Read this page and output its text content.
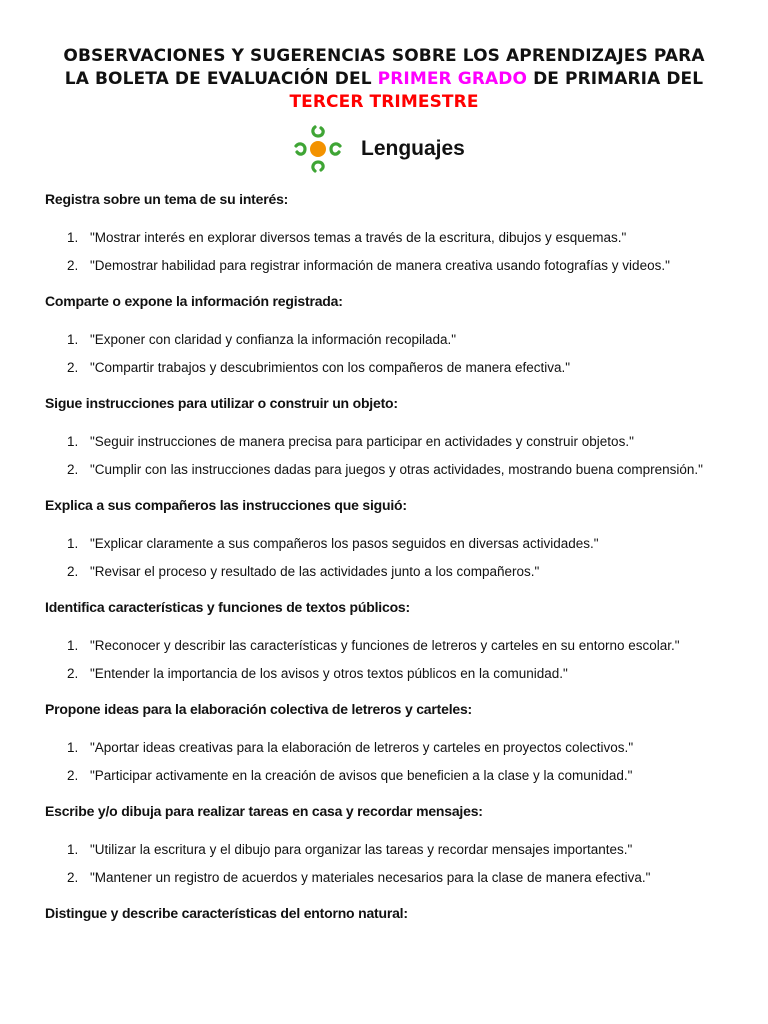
OBSERVACIONES Y SUGERENCIAS SOBRE LOS APRENDIZAJES PARA
LA BOLETA DE EVALUACIÓN DEL PRIMER GRADO DE PRIMARIA DEL
TERCER TRIMESTRE
Lenguajes
Registra sobre un tema de su interés:
1. "Mostrar interés en explorar diversos temas a través de la escritura, dibujos y esquemas."
2. "Demostrar habilidad para registrar información de manera creativa usando fotografías y videos."
Comparte o expone la información registrada:
1. "Exponer con claridad y confianza la información recopilada."
2. "Compartir trabajos y descubrimientos con los compañeros de manera efectiva."
Sigue instrucciones para utilizar o construir un objeto:
1. "Seguir instrucciones de manera precisa para participar en actividades y construir objetos."
2. "Cumplir con las instrucciones dadas para juegos y otras actividades, mostrando buena comprensión."
Explica a sus compañeros las instrucciones que siguió:
1. "Explicar claramente a sus compañeros los pasos seguidos en diversas actividades."
2. "Revisar el proceso y resultado de las actividades junto a los compañeros."
Identifica características y funciones de textos públicos:
1. "Reconocer y describir las características y funciones de letreros y carteles en su entorno escolar."
2. "Entender la importancia de los avisos y otros textos públicos en la comunidad."
Propone ideas para la elaboración colectiva de letreros y carteles:
1. "Aportar ideas creativas para la elaboración de letreros y carteles en proyectos colectivos."
2. "Participar activamente en la creación de avisos que beneficien a la clase y la comunidad."
Escribe y/o dibuja para realizar tareas en casa y recordar mensajes:
1. "Utilizar la escritura y el dibujo para organizar las tareas y recordar mensajes importantes."
2. "Mantener un registro de acuerdos y materiales necesarios para la clase de manera efectiva."
Distingue y describe características del entorno natural:
